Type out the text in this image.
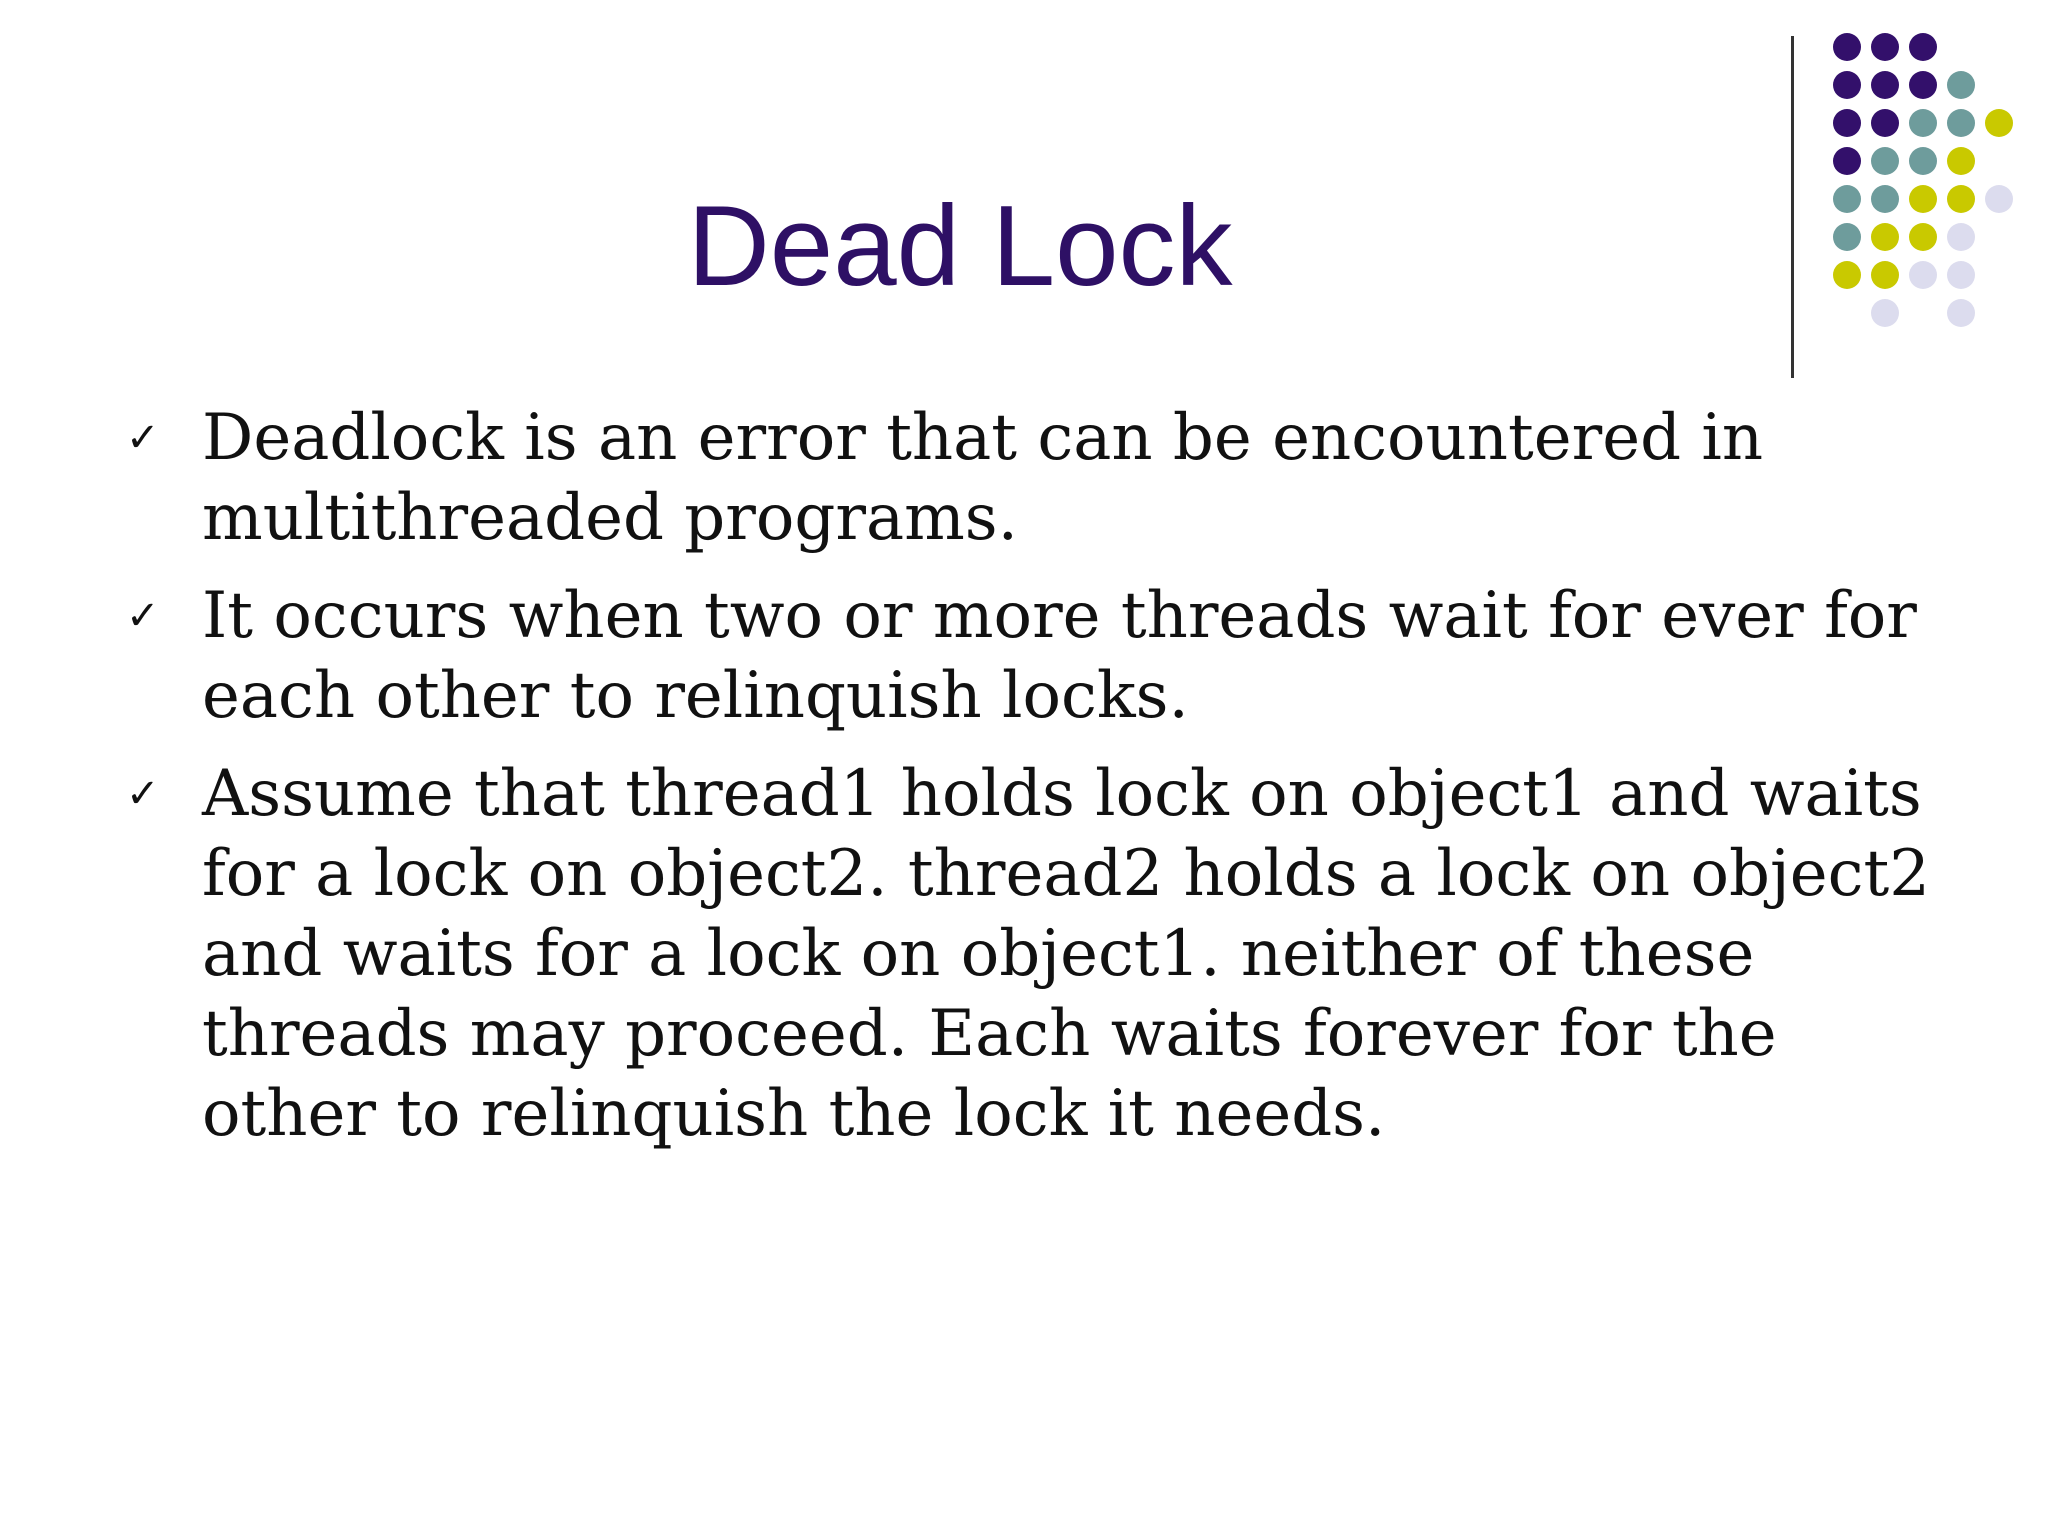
Dead Lock
✓ Deadlock is an error that can be encountered in multithreaded programs.
✓ It occurs when two or more threads wait for ever for each other to relinquish locks.
✓ Assume that thread1 holds lock on object1 and waits for a lock on object2. thread2 holds a lock on object2 and waits for a lock on object1. neither of these threads may proceed. Each waits forever for the other to relinquish the lock it needs.
